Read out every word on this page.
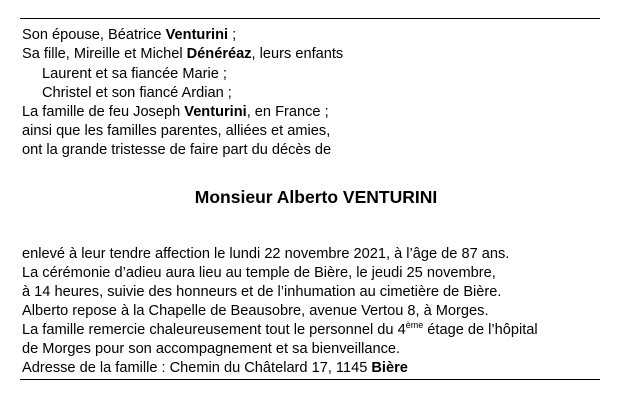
Son épouse, Béatrice Venturini ;
Sa fille, Mireille et Michel Dénéréaz, leurs enfants
Laurent et sa fiancée Marie ;
Christel et son fiancé Ardian ;
La famille de feu Joseph Venturini, en France ;
ainsi que les familles parentes, alliées et amies,
ont la grande tristesse de faire part du décès de
Monsieur Alberto VENTURINI
enlevé à leur tendre affection le lundi 22 novembre 2021, à l’âge de 87 ans.
La cérémonie d’adieu aura lieu au temple de Bière, le jeudi 25 novembre,
à 14 heures, suivie des honneurs et de l’inhumation au cimetière de Bière.
Alberto repose à la Chapelle de Beausobre, avenue Vertou 8, à Morges.
La famille remercie chaleureusement tout le personnel du 4ème étage de l’hôpital
de Morges pour son accompagnement et sa bienveillance.
Adresse de la famille : Chemin du Châtelard 17, 1145 Bière
